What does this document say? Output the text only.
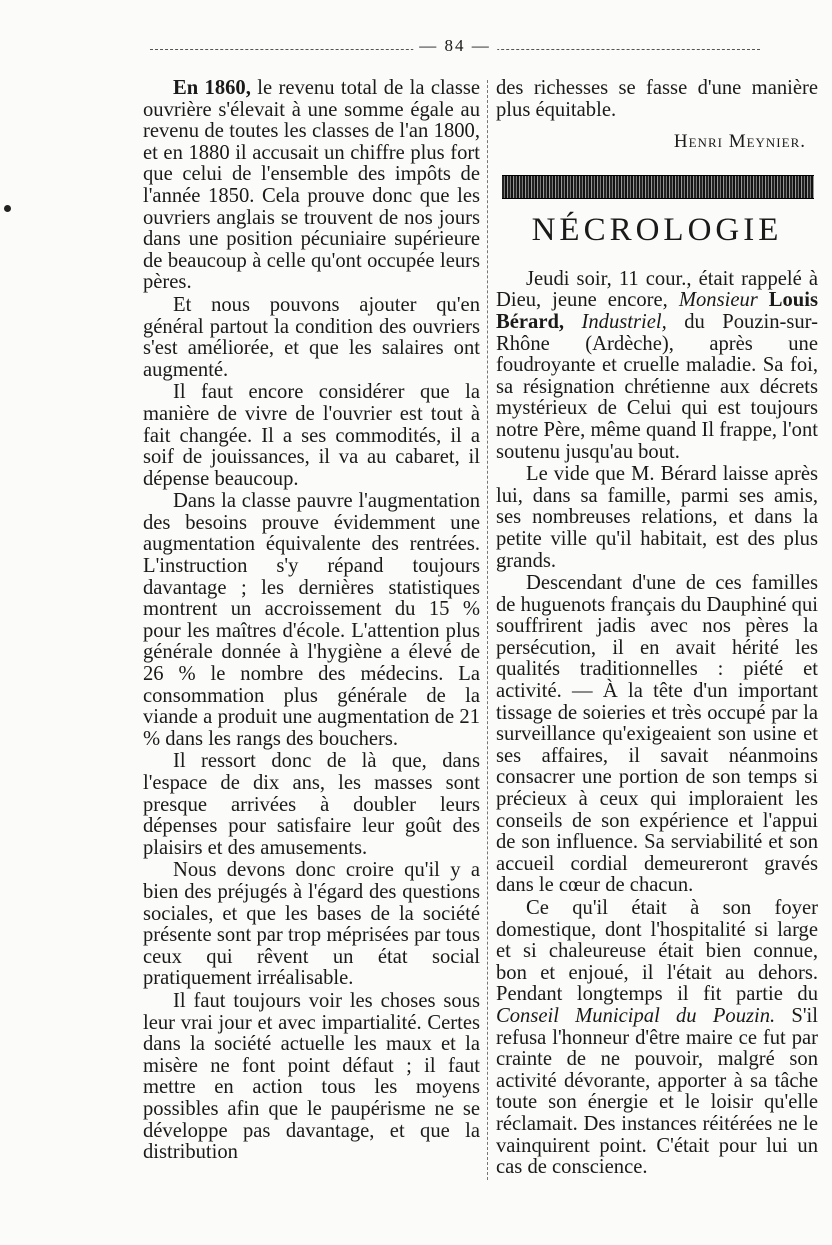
— 84 —

En 1860, le revenu total de la classe ouvrière s'élevait à une somme égale au revenu de toutes les classes de l'an 1800, et en 1880 il accusait un chiffre plus fort que celui de l'ensemble des impôts de l'année 1850. Cela prouve donc que les ouvriers anglais se trouvent de nos jours dans une position pécuniaire supérieure de beaucoup à celle qu'ont occupée leurs pères.

Et nous pouvons ajouter qu'en général partout la condition des ouvriers s'est améliorée, et que les salaires ont augmenté.

Il faut encore considérer que la manière de vivre de l'ouvrier est tout à fait changée. Il a ses commodités, il a soif de jouissances, il va au cabaret, il dépense beaucoup.

Dans la classe pauvre l'augmentation des besoins prouve évidemment une augmentation équivalente des rentrées. L'instruction s'y répand toujours davantage ; les dernières statistiques montrent un accroissement du 15 % pour les maîtres d'école. L'attention plus générale donnée à l'hygiène a élevé de 26 % le nombre des médecins. La consommation plus générale de la viande a produit une augmentation de 21 % dans les rangs des bouchers.

Il ressort donc de là que, dans l'espace de dix ans, les masses sont presque arrivées à doubler leurs dépenses pour satisfaire leur goût des plaisirs et des amusements.

Nous devons donc croire qu'il y a bien des préjugés à l'égard des questions sociales, et que les bases de la société présente sont par trop méprisées par tous ceux qui rêvent un état social pratiquement irréalisable.

Il faut toujours voir les choses sous leur vrai jour et avec impartialité. Certes dans la société actuelle les maux et la misère ne font point défaut ; il faut mettre en action tous les moyens possibles afin que le paupérisme ne se développe pas davantage, et que la distribution

des richesses se fasse d'une manière plus équitable.

Henri Meynier.
NÉCROLOGIE

Jeudi soir, 11 cour., était rappelé à Dieu, jeune encore, Monsieur Louis Bérard, Industriel, du Pouzin-sur-Rhône (Ardèche), après une foudroyante et cruelle maladie. Sa foi, sa résignation chrétienne aux décrets mystérieux de Celui qui est toujours notre Père, même quand Il frappe, l'ont soutenu jusqu'au bout.

Le vide que M. Bérard laisse après lui, dans sa famille, parmi ses amis, ses nombreuses relations, et dans la petite ville qu'il habitait, est des plus grands.

Descendant d'une de ces familles de huguenots français du Dauphiné qui souffrirent jadis avec nos pères la persécution, il en avait hérité les qualités traditionnelles : piété et activité. — À la tête d'un important tissage de soieries et très occupé par la surveillance qu'exigeaient son usine et ses affaires, il savait néanmoins consacrer une portion de son temps si précieux à ceux qui imploraient les conseils de son expérience et l'appui de son influence. Sa serviabilité et son accueil cordial demeureront gravés dans le cœur de chacun.

Ce qu'il était à son foyer domestique, dont l'hospitalité si large et si chaleureuse était bien connue, bon et enjoué, il l'était au dehors. Pendant longtemps il fit partie du Conseil Municipal du Pouzin. S'il refusa l'honneur d'être maire ce fut par crainte de ne pouvoir, malgré son activité dévorante, apporter à sa tâche toute son énergie et le loisir qu'elle réclamait. Des instances réitérées ne le vainquirent point. C'était pour lui un cas de conscience.
